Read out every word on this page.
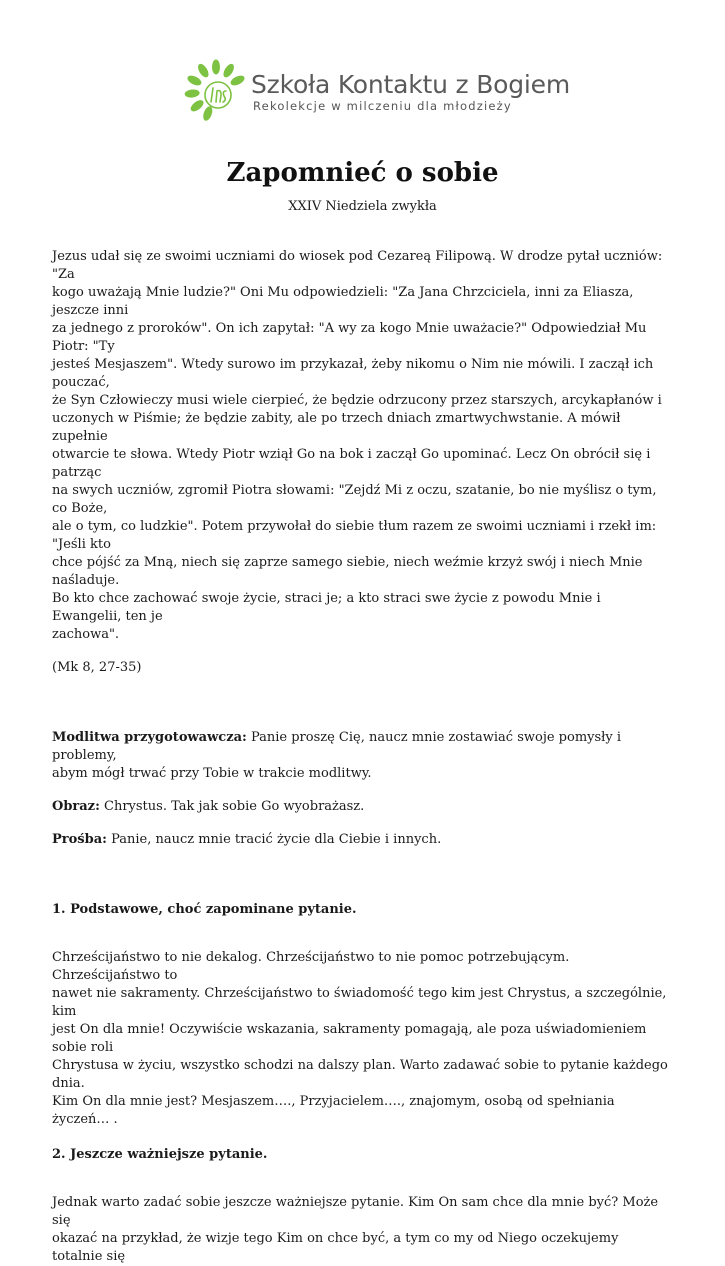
Szkoła Kontaktu z Bogiem
Rekolekcje w milczeniu dla młodzieży
Zapomnieć o sobie
XXIV Niedziela zwykła
Jezus udał się ze swoimi uczniami do wiosek pod Cezareą Filipową. W drodze pytał uczniów: "Za
kogo uważają Mnie ludzie?" Oni Mu odpowiedzieli: "Za Jana Chrzciciela, inni za Eliasza, jeszcze inni
za jednego z proroków". On ich zapytał: "A wy za kogo Mnie uważacie?" Odpowiedział Mu Piotr: "Ty
jesteś Mesjaszem". Wtedy surowo im przykazał, żeby nikomu o Nim nie mówili. I zaczął ich pouczać,
że Syn Człowieczy musi wiele cierpieć, że będzie odrzucony przez starszych, arcykapłanów i
uczonych w Piśmie; że będzie zabity, ale po trzech dniach zmartwychwstanie. A mówił zupełnie
otwarcie te słowa. Wtedy Piotr wziął Go na bok i zaczął Go upominać. Lecz On obrócił się i patrząc
na swych uczniów, zgromił Piotra słowami: "Zejdź Mi z oczu, szatanie, bo nie myślisz o tym, co Boże,
ale o tym, co ludzkie". Potem przywołał do siebie tłum razem ze swoimi uczniami i rzekł im: "Jeśli kto
chce pójść za Mną, niech się zaprze samego siebie, niech weźmie krzyż swój i niech Mnie naśladuje.
Bo kto chce zachować swoje życie, straci je; a kto straci swe życie z powodu Mnie i Ewangelii, ten je
zachowa".

(Mk 8, 27-35)

Modlitwa przygotowawcza: Panie proszę Cię, naucz mnie zostawiać swoje pomysły i problemy,
abym mógł trwać przy Tobie w trakcie modlitwy.
Obraz: Chrystus. Tak jak sobie Go wyobrażasz.
Prośba: Panie, naucz mnie tracić życie dla Ciebie i innych.
1. Podstawowe, choć zapominane pytanie.
Chrześcijaństwo to nie dekalog. Chrześcijaństwo to nie pomoc potrzebującym. Chrześcijaństwo to
nawet nie sakramenty. Chrześcijaństwo to świadomość tego kim jest Chrystus, a szczególnie, kim
jest On dla mnie! Oczywiście wskazania, sakramenty pomagają, ale poza uświadomieniem sobie roli
Chrystusa w życiu, wszystko schodzi na dalszy plan. Warto zadawać sobie to pytanie każdego dnia.
Kim On dla mnie jest? Mesjaszem…., Przyjacielem…., znajomym, osobą od spełniania życzeń… .
2. Jeszcze ważniejsze pytanie.
Jednak warto zadać sobie jeszcze ważniejsze pytanie. Kim On sam chce dla mnie być? Może się
okazać na przykład, że wizje tego Kim on chce być, a tym co my od Niego oczekujemy totalnie się
